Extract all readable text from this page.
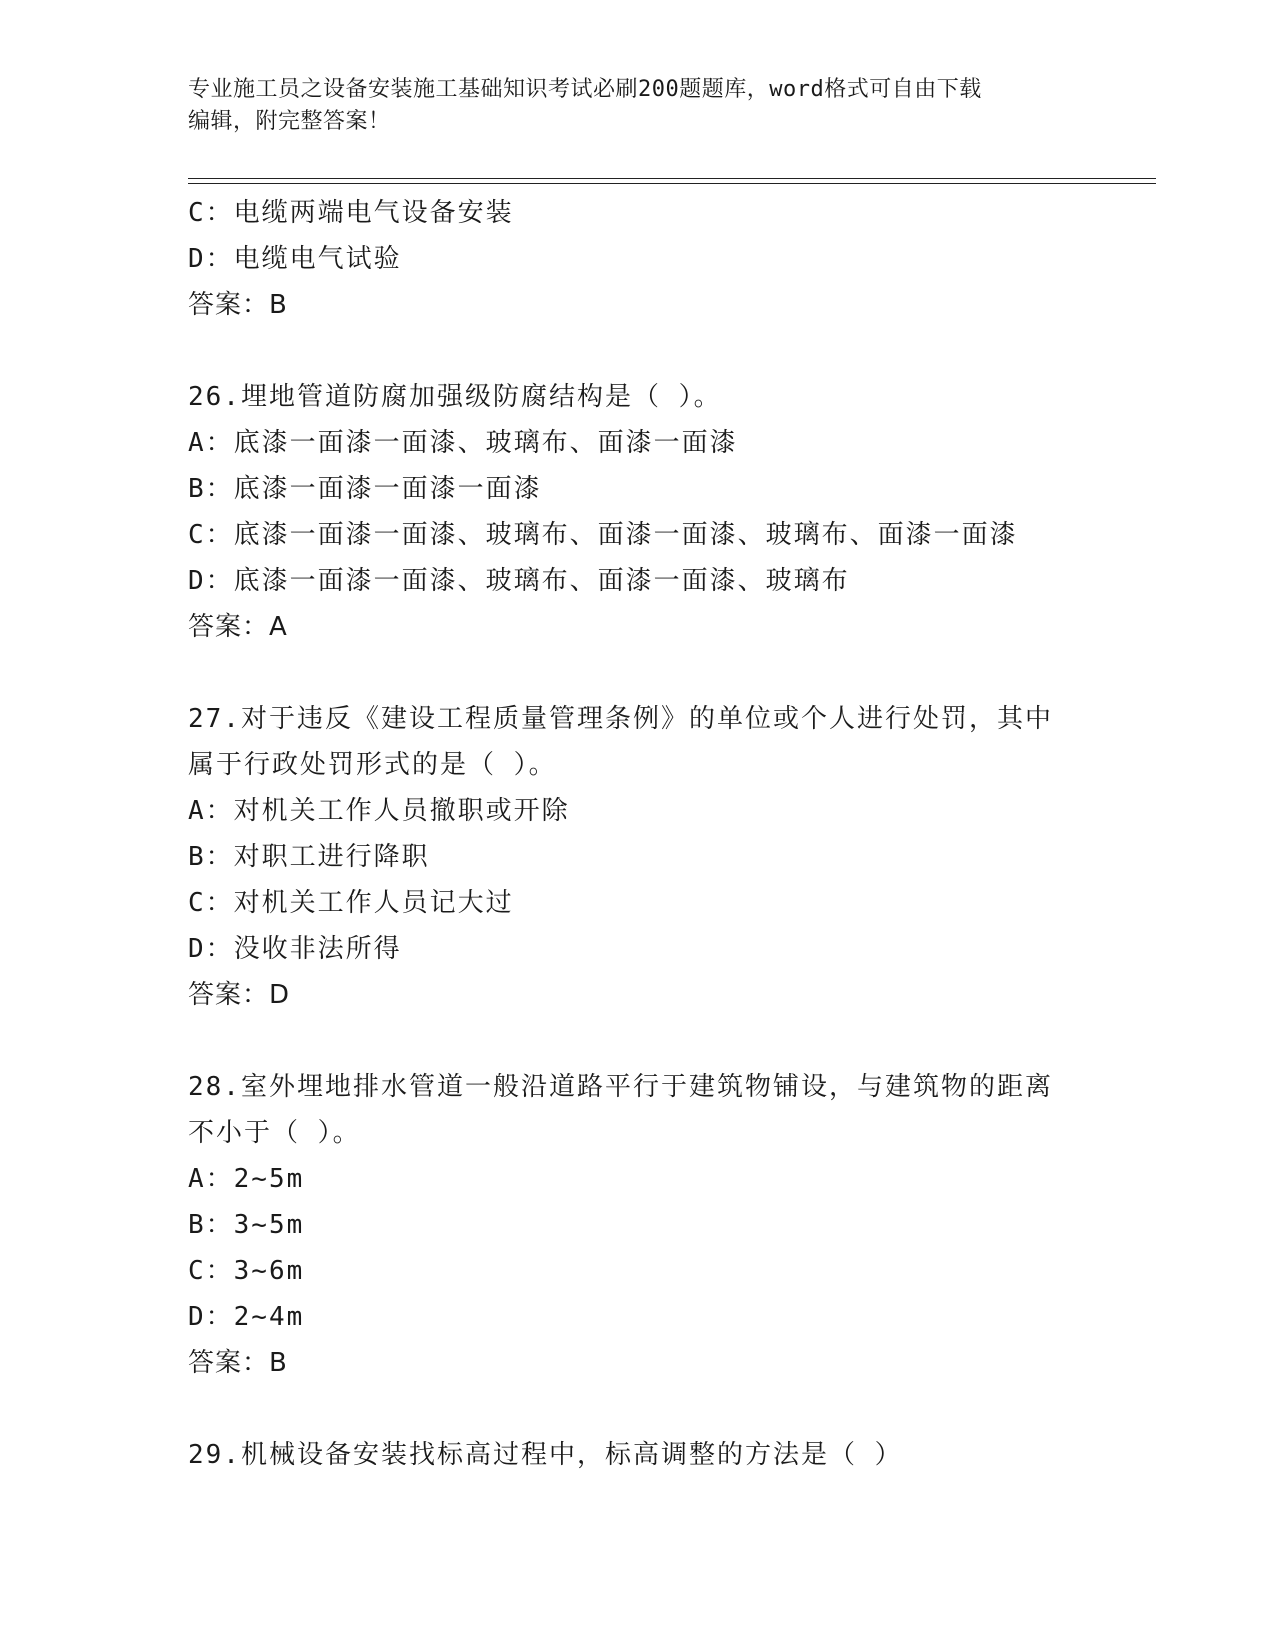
专业施工员之设备安装施工基础知识考试必刷200题题库，word格式可自由下载
编辑，附完整答案！
C：电缆两端电气设备安装
D：电缆电气试验
答案：B
26.埋地管道防腐加强级防腐结构是（ ）。
A：底漆一面漆一面漆、玻璃布、面漆一面漆
B：底漆一面漆一面漆一面漆
C：底漆一面漆一面漆、玻璃布、面漆一面漆、玻璃布、面漆一面漆
D：底漆一面漆一面漆、玻璃布、面漆一面漆、玻璃布
答案：A
27.对于违反《建设工程质量管理条例》的单位或个人进行处罚，其中
属于行政处罚形式的是（ ）。
A：对机关工作人员撤职或开除
B：对职工进行降职
C：对机关工作人员记大过
D：没收非法所得
答案：D
28.室外埋地排水管道一般沿道路平行于建筑物铺设，与建筑物的距离
不小于（ ）。
A：2~5m
B：3~5m
C：3~6m
D：2~4m
答案：B
29.机械设备安装找标高过程中，标高调整的方法是（ ）
